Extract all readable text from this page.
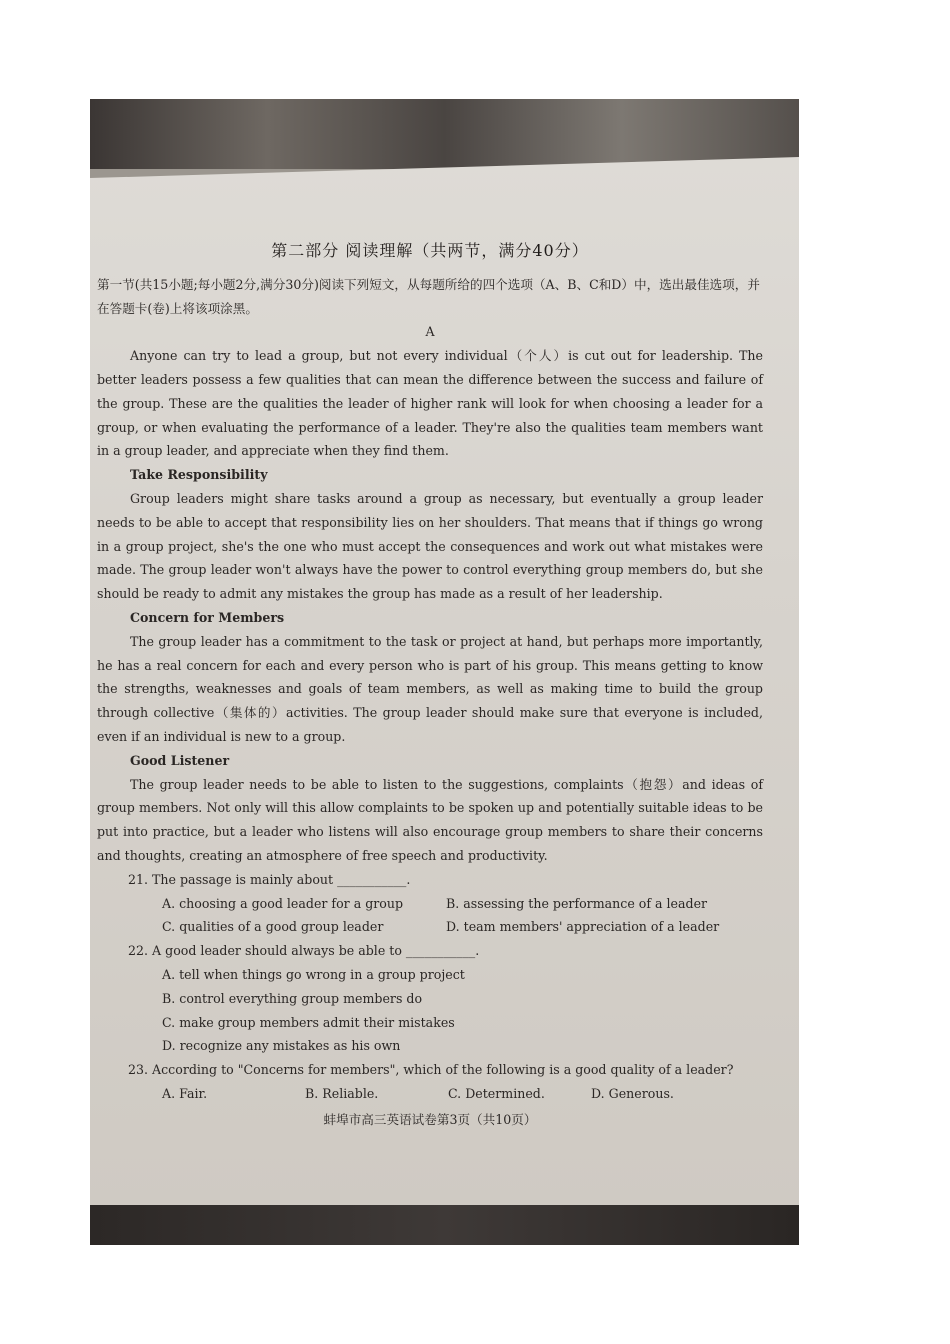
第二部分 阅读理解（共两节，满分40分）
第一节(共15小题;每小题2分,满分30分)阅读下列短文，从每题所给的四个选项（A、B、C和D）中，选出最佳选项，并在答题卡(卷)上将该项涂黑。
A

Anyone can try to lead a group, but not every individual（个人）is cut out for leadership. The better leaders possess a few qualities that can mean the difference between the success and failure of the group. These are the qualities the leader of higher rank will look for when choosing a leader for a group, or when evaluating the performance of a leader. They're also the qualities team members want in a group leader, and appreciate when they find them.

Take Responsibility

Group leaders might share tasks around a group as necessary, but eventually a group leader needs to be able to accept that responsibility lies on her shoulders. That means that if things go wrong in a group project, she's the one who must accept the consequences and work out what mistakes were made. The group leader won't always have the power to control everything group members do, but she should be ready to admit any mistakes the group has made as a result of her leadership.

Concern for Members

The group leader has a commitment to the task or project at hand, but perhaps more importantly, he has a real concern for each and every person who is part of his group. This means getting to know the strengths, weaknesses and goals of team members, as well as making time to build the group through collective（集体的）activities. The group leader should make sure that everyone is included, even if an individual is new to a group.

Good Listener

The group leader needs to be able to listen to the suggestions, complaints（抱怨）and ideas of group members. Not only will this allow complaints to be spoken up and potentially suitable ideas to be put into practice, but a leader who listens will also encourage group members to share their concerns and thoughts, creating an atmosphere of free speech and productivity.

21. The passage is mainly about ___________.
A. choosing a good leader for a group	B. assessing the performance of a leader
C. qualities of a good group leader	D. team members' appreciation of a leader
22. A good leader should always be able to ___________.
A. tell when things go wrong in a group project
B. control everything group members do
C. make group members admit their mistakes
D. recognize any mistakes as his own
23. According to "Concerns for members", which of the following is a good quality of a leader?
A. Fair.	B. Reliable.	C. Determined.	D. Generous.
蚌埠市高三英语试卷第3页（共10页）
